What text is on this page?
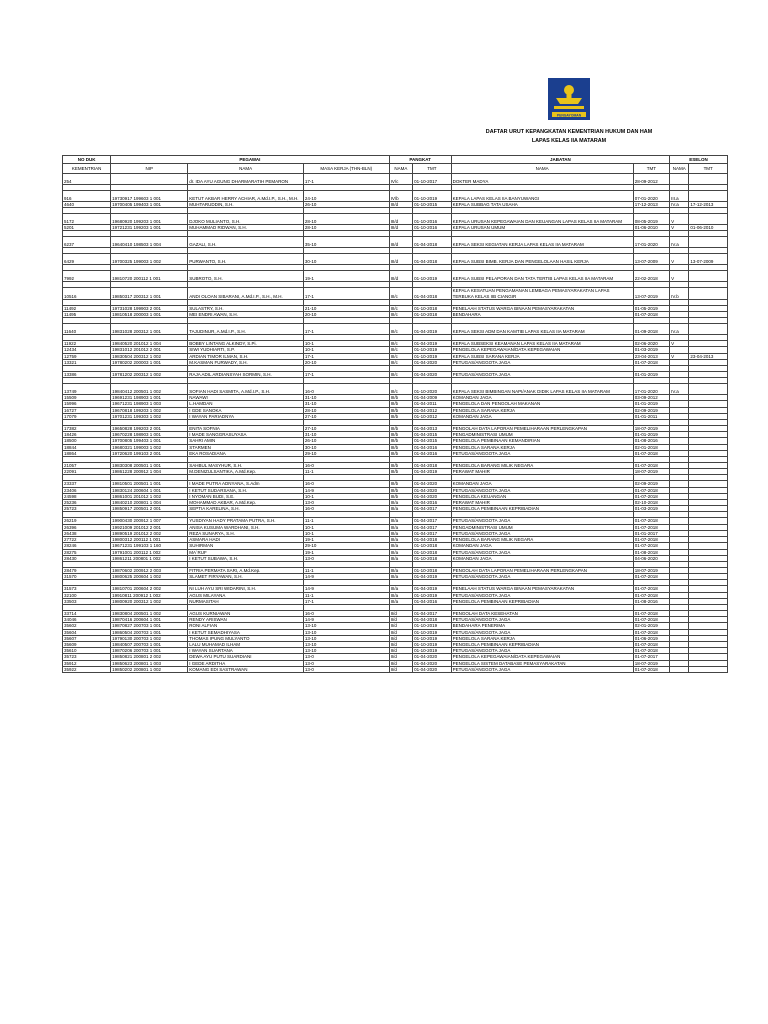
PENGAYOMAN
DAFTAR URUT KEPANGKATAN KEMENTRIAN HUKUM DAN HAM
LAPAS KELAS IIA MATARAM
NO DUK	PEGAWAI			PANGKAT		JABATAN		ESELON	
KEMENTRIAN	NIP	NAMA	MASA KERJA (THN-BLN)	NAMA	TMT	NAMA	TMT	NAMA	TMT
254		dr. IDA AYU AGUNG DHARMARATIH PEMARON	17-1	IV/c	01-10-2017	DOKTER MADYA	28-09-2012		

916	19730917 199603 1 001	KETUT AKBAR HERRY ACHIAR, A.Md.I.P., S.H., M.H.	24-10	IV/b	01-10-2019	KEPALA LAPAS KELAS IIA BANYUWANGI	07-01-2020	III.a	
4640	19700405 199403 1 001	MUHTARUDDIN, S.H.	26-10	III/d	01-10-2015	KEPALA SUBBAG TATA USAHA	17-12-2013	IV.a	17-12-2013

5172	19680920 199203 1 001	DJOKO MULIANTO, S.H.	28-10	III/d	01-10-2016	KEPALA URUSAN KEPEGAWAIAN DAN KEUANGAN LAPAS KELAS IIA MATARAM	08-05-2019	V	
5201	19721231 199203 1 001	MUHAMMAD RIDWAN, S.H.	28-10	III/d	01-10-2016	KEPALA URUSAN UMUM	01-06-2010	V	01-06-2010

6237	19640410 198503 1 004	GAZALI, S.H.	35-10	III/d	01-04-2018	KEPALA SEKSI KEGIATAN KERJA LAPAS KELAS IIA MATARAM	17-01-2020	IV.a	

6429	19700325 199003 1 002	PURWANTO, S.H.	30-10	III/d	01-04-2018	KEPALA SUBSI BIMB. KERJA DAN PENGELOLAAN HASIL KERJA	13-07-2009	V	13-07-2009

7992	19810720 200112 1 001	SUBROTO, S.H.	19-1	III/d	01-10-2019	KEPALA SUBSI PELAPORAN DAN TATA TERTIB LAPAS KELAS IIA MATARAM	22-02-2018	V	

10516	19850317 200312 1 001	ANDI OLOAN SIBARANI, A.Md.I.P., S.H., M.H.	17-1	III/c	01-04-2018	KEPALA KESATUAN PENGAMANAN LEMBAGA PEMASYARAKATAN LAPAS TERBUKA KELAS IIB CIANGIR	13-07-2019	IV.b	

11492	19731028 199903 2 001	SULASTRY, S.H.	21-10	III/c	01-10-2018	PENELAAH STATUS WARGA BINAAN PEMASYARAKATAN	01-05-2019		
11495	19810518 200003 1 001	MEI ENDRI AWAN, S.H.	20-10	III/c	01-10-2018	BENDAHARA	01-07-2018		

11640	19831028 200312 1 001	TAJUDINUR, A.Md.I.P., S.H.	17-1	III/c	01-04-2019	KEPALA SEKSI ADM DAN KAMTIB LAPAS KELAS IIA MATARAM	01-09-2018	IV.a	

11922	19840520 201012 1 004	BOBBY LINTANG ALKINDY, S.Pi.	10-1	III/c	01-04-2019	KEPALA SUBSEKSI KEAMANAN LAPAS KELAS IIA MATARAM	02-06-2020	V	
12434	19831012 201012 2 001	SIWI YUDHIARTI, S.P.	10-1	III/c	01-10-2019	PENGELOLA KEPEGAWAIAN/DATA KEPEGAWAIAN	01-03-2019		
12759	19830504 200312 1 002	ARDIAN TIMOR ILMAN, S.H.	17-1	III/c	01-10-2019	KEPALA SUBSI SARANA KERJA	23-04-2013	V	23-04-2013
13321	19780202 200003 1 001	M.KASMAN FURWADY, S.H.	20-10	III/c	01-04-2020	PETUGAS/ANGGOTA JAGA	01-07-2018		

13386	19781202 200312 1 002	RAJA ADIL ARDIANSYAH SORMIN, S.H.	17-1	III/c	01-04-2020	PETUGAS/ANGGOTA JAGA	01-01-2019		

13749	19840412 200501 1 002	SOFIAN HADI SASMITA, A.Md.I.P., S.H.	16-0	III/c	01-10-2020	KEPALA SEKSI BIMBINGAN NAPI/ANAK DIDIK LAPAS KELAS IIA MATARAM	17-01-2020	IV.a	
15509	19691231 198903 1 001	NAWAWI	31-10	III/b	01-04-2009	KOMANDAN JAGA	03-09-2012		
15996	19671231 198903 1 003	L.HAMDAN	31-10	III/b	01-04-2011	PENGELOLA DAN PENGOLAH MAKANAN	01-01-2019		
16727	19670818 199203 1 002	I GDE SANOKA	28-10	III/b	01-04-2012	PENGELOLA SARANA KERJA	02-09-2019		
17079	19701231 199303 1 002	I WAYAN PARIADNYA	27-10	III/b	01-10-2012	KOMANDAN JAGA	01-01-2011		

17382	19650828 199203 2 001	ENITA SOFNIA	27-10	III/b	01-04-2013	PENGOLAH DATA LAPORAN PEMELIHARAAN PERLENGKAPAN	18-07-2019		
18426	19670228 198903 1 001	I MADE SANGGRASUYASA	31-10	III/b	01-04-2015	PENGADMINISTRASI UMUM	01-01-2019		
18500	19700805 199403 1 001	SAHRI AMIN	26-10	III/b	01-04-2015	PENGELOLA PEMBINAAN KEMANDIRIAN	01-08-2016		
18844	19680321 199003 1 002	STARMEN	30-10	III/b	01-04-2016	PENGELOLA SARANA KERJA	02-01-2018		
18864	19720620 199103 2 001	EKA ROSADIANA	29-10	III/b	01-04-2016	PETUGAS/ANGGOTA JAGA	01-07-2018		

21057	19830308 200501 1 001	SAHBUL MASYHUR, S.H.	16-0	III/b	01-04-2018	PENGELOLA BARANG MILIK NEGARA	01-07-2018		
22091	19861228 200912 1 004	M.DENIZULSANTIKA, A.Md.Kep.	11-1	III/b	01-04-2019	PERAWAT MAHIR	18-07-2019		

23337	19810501 200501 1 001	I MADE PUTRA ADNYANA, S.Adm	16-0	III/b	01-04-2020	KOMANDAN JAGA	02-09-2019		
23406	19830124 200604 1 001	I KETUT SUDARSANA, S.H.	14-9	III/b	01-04-2020	PETUGAS/ANGGOTA JAGA	01-07-2018		
24598	19861001 201012 1 002	I NYOMAN BUDI, S.E.	10-1	III/b	01-04-2020	PENGELOLA KEUANGAN	01-07-2018		
25236	19840210 200801 1 004	MOHAMMAD AKBAR, A.Md.Kep.	13-0	III/a	01-04-2016	PERAWAT MAHIR	02-10-2018		
25723	19850917 200501 2 001	SEPTIA KARELINA, S.H.	16-0	III/a	01-04-2017	PENGELOLA PEMBINAAN KEPRIBADIAN	01-03-2019		

26219	19900430 200912 1 007	YUSDIYAN HADY PRATAMA PUTRA, S.H.	11-1	III/a	01-04-2017	PETUGAS/ANGGOTA JAGA	01-07-2018		
26396	19921009 201012 2 001	ANISA KUSUMA WARDHANI, S.H.	10-1	III/a	01-04-2017	PENGADMINISTRASI UMUM	01-07-2018		
26438	19890519 201012 2 002	REZA SUNARYA, S.H.	10-1	III/a	01-04-2017	PETUGAS/ANGGOTA JAGA	01-01-2017		
27722	19800312 200112 1 001	ASMARA HADI	19-1	III/a	01-04-2018	PENGELOLA BARANG MILIK NEGARA	01-07-2018		
28246	19671231 199103 1 160	SUHIRMAN	29-10	III/a	01-10-2018	KOMANDAN JAGA	01-07-2018		
28275	19791001 200112 1 002	MA`RUF	19-1	III/a	01-10-2018	PETUGAS/ANGGOTA JAGA	01-08-2018		
28430	19861211 200801 1 002	I KETUT SUBAWA, S.H.	13-0	III/a	01-10-2018	KOMANDAN JAGA	04-06-2020		

28479	19870602 200912 2 003	FITRIA PERMATA SARI, A.Md.Kep.	11-1	III/a	01-10-2018	PENGOLAH DATA LAPORAN PEMELIHARAAN PERLENGKAPAN	18-07-2019		
31570	19800625 200604 1 002	SLAMET FIRYAWAN, S.H.	14-9	III/a	01-04-2019	PETUGAS/ANGGOTA JAGA	01-07-2018		

31573	19810701 200604 2 002	NI LUH AYU SRI WIDARINI, S.H.	14-9	III/a	01-04-2019	PENELAAH STATUS WARGA BINAAN PEMASYARAKATAN	01-07-2018		
32100	19910811 200912 1 002	AGUS MILAYANA	11-1	III/a	01-10-2019	PETUGAS/ANGGOTA JAGA	01-07-2018		
33503	19800920 200312 1 002	NURMASITAH	17-1	III/a	01-04-2016	PENGELOLA PEMBINAAN KEPRIBADIAN	01-08-2016		

33714	19830804 200501 1 002	AGUS KURNIAWAN	16-0	II/d	01-04-2017	PENGOLAH DATA KESEHATAN	01-07-2018		
34046	19870416 200604 1 001	RENDY ARISWAN	14-9	II/d	01-04-2018	PETUGAS/ANGGOTA JAGA	01-07-2018		
35602	19870827 200703 1 001	RONI ALFIAN	13-10	II/d	01-10-2019	BENDAHARA PENERIMA	02-01-2019		
35604	19860504 200703 1 001	I KETUT SEMADHIYASA	13-10	II/d	01-10-2019	PETUGAS/ANGGOTA JAGA	01-07-2018		
35607	19790130 200703 1 002	THOMAS IPUNG MULYANTO	13-10	II/d	01-10-2019	PENGELOLA SARANA KERJA	01-06-2019		
35609	19840507 200703 1 001	LALU MUHAMAD ILHAM	13-10	II/d	01-10-2019	PENGELOLA PEMBINAAN KEPRIBADIAN	01-07-2018		
35610	19870206 200703 1 001	I WAYAN SUARTANA	13-10	II/d	01-10-2019	PETUGAS/ANGGOTA JAGA	01-07-2018		
35723	19850821 200801 2 002	DEWA AYU PUTU SUARDIANI	13-0	II/d	01-04-2020	PENGELOLA KEPEGAWAIAN/DATA KEPEGAWAIAN	01-07-2017		
35912	19850623 200801 1 003	I GEDE ARDITHA	13-0	II/d	01-04-2020	PENGELOLA SISTEM DATABASE PEMASYARAKATAN	18-07-2019		
35922	19850202 200801 1 002	KOMANG EDI SASTRAWAN	13-0	II/d	01-04-2020	PETUGAS/ANGGOTA JAGA	01-07-2018		
